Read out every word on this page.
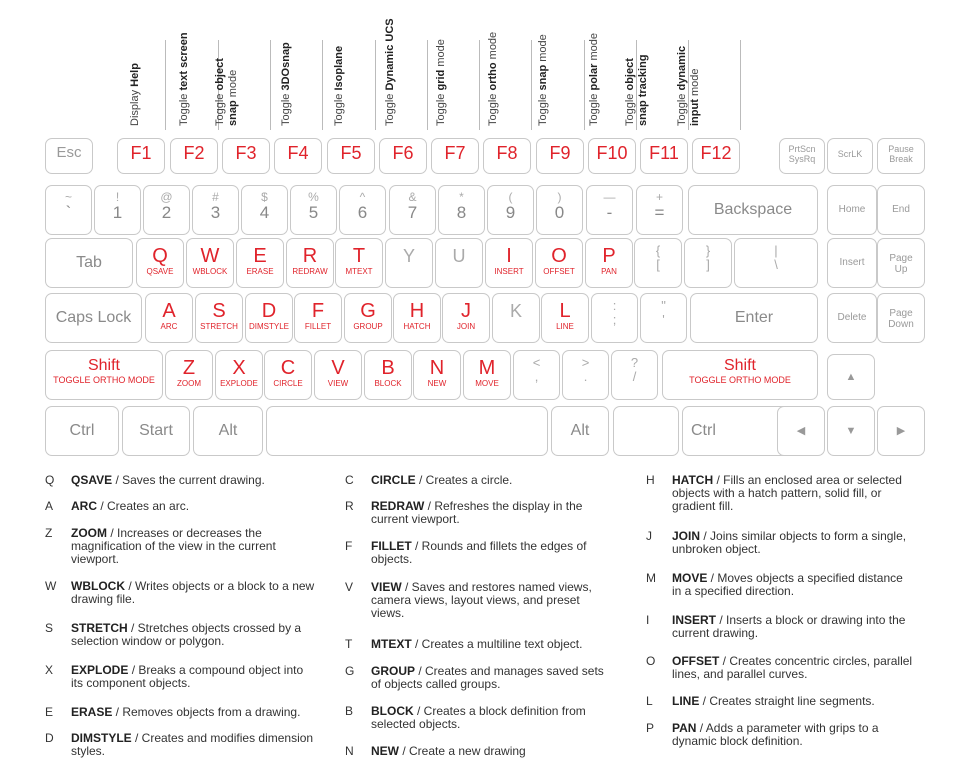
Display Help
Toggle text screen
Toggle object
snap mode
Toggle 3DOsnap
Toggle Isoplane
Toggle Dynamic UCS
Toggle grid mode
Toggle ortho mode
Toggle snap mode
Toggle polar mode
Toggle object snap tracking Toggle dynamic
input mode
Esc	F1	F2	F3	F4	F5	F6	F7	F8	F9	F10	F11	F12	PrtScn
SysRq	ScrLK	Pause
Break
~
`
!
1
@
2
#
3
$
4
%
5
^
6
&
7
*
8
(
9
)
0
—
-
+
=	Backspace	Home	End
Tab	Q
QSAVE
W
WBLOCK
E
ERASE
R
REDRAW
T
MTEXT
Y	U	I
INSERT
O
OFFSET
P
PAN
{
[
}
]
|
\	Insert	Page
Up
Caps Lock	A
ARC
S
STRETCH
D
DIMSTYLE
F
FILLET
G
GROUP
H
HATCH
J
JOIN
K	L
LINE
:
;
"
'	Enter	Delete	Page
Down
Shift
TOGGLE ORTHO MODE
Z
ZOOM
X
EXPLODE
C
CIRCLE
V
VIEW
B
BLOCK
N
NEW
M
MOVE
<
,
>
.
?
/
Shift
TOGGLE ORTHO MODE	▲
Ctrl	Start	Alt	Alt	Ctrl	◀	▼	▶
Q	QSAVE / Saves the current drawing.
A	ARC / Creates an arc.
Z	ZOOM / Increases or decreases the magnification of the view in the current viewport.
W	WBLOCK / Writes objects or a block to a new drawing file.
S	STRETCH / Stretches objects crossed by a selection window or polygon.
X	EXPLODE / Breaks a compound object into its component objects.
E	ERASE / Removes objects from a drawing.
D	DIMSTYLE / Creates and modifies dimension styles.
C	CIRCLE / Creates a circle.
R	REDRAW / Refreshes the display in the current viewport.
F	FILLET / Rounds and fillets the edges of objects.
V	VIEW / Saves and restores named views, camera views, layout views, and preset views.
T	MTEXT / Creates a multiline text object.
G	GROUP / Creates and manages saved sets of objects called groups.
B	BLOCK / Creates a block definition from selected objects.
N	NEW / Create a new drawing
H	HATCH / Fills an enclosed area or selected objects with a hatch pattern, solid fill, or gradient fill.
J	JOIN / Joins similar objects to form a single, unbroken object.
M	MOVE / Moves objects a specified distance in a specified direction.
I	INSERT / Inserts a block or drawing into the current drawing.
O	OFFSET / Creates concentric circles, parallel lines, and parallel curves.
L	LINE / Creates straight line segments.
P	PAN / Adds a parameter with grips to a dynamic block definition.
